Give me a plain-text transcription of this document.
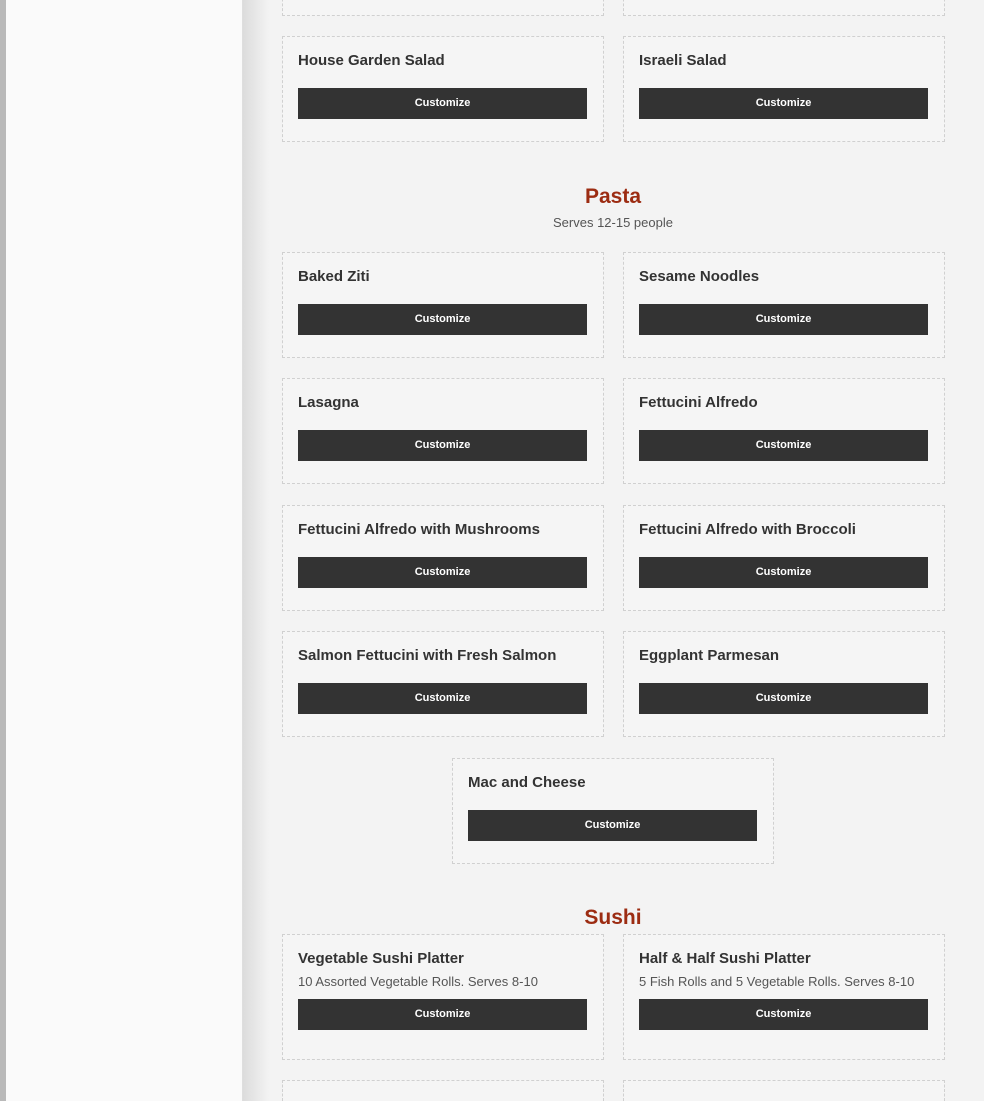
House Garden Salad
Customize
Israeli Salad
Customize
Pasta
Serves 12-15 people
Baked Ziti
Customize
Sesame Noodles
Customize
Lasagna
Customize
Fettucini Alfredo
Customize
Fettucini Alfredo with Mushrooms
Customize
Fettucini Alfredo with Broccoli
Customize
Salmon Fettucini with Fresh Salmon
Customize
Eggplant Parmesan
Customize
Mac and Cheese
Customize
Sushi
Vegetable Sushi Platter
10 Assorted Vegetable Rolls. Serves 8-10
Customize
Half & Half Sushi Platter
5 Fish Rolls and 5 Vegetable Rolls. Serves 8-10
Customize
